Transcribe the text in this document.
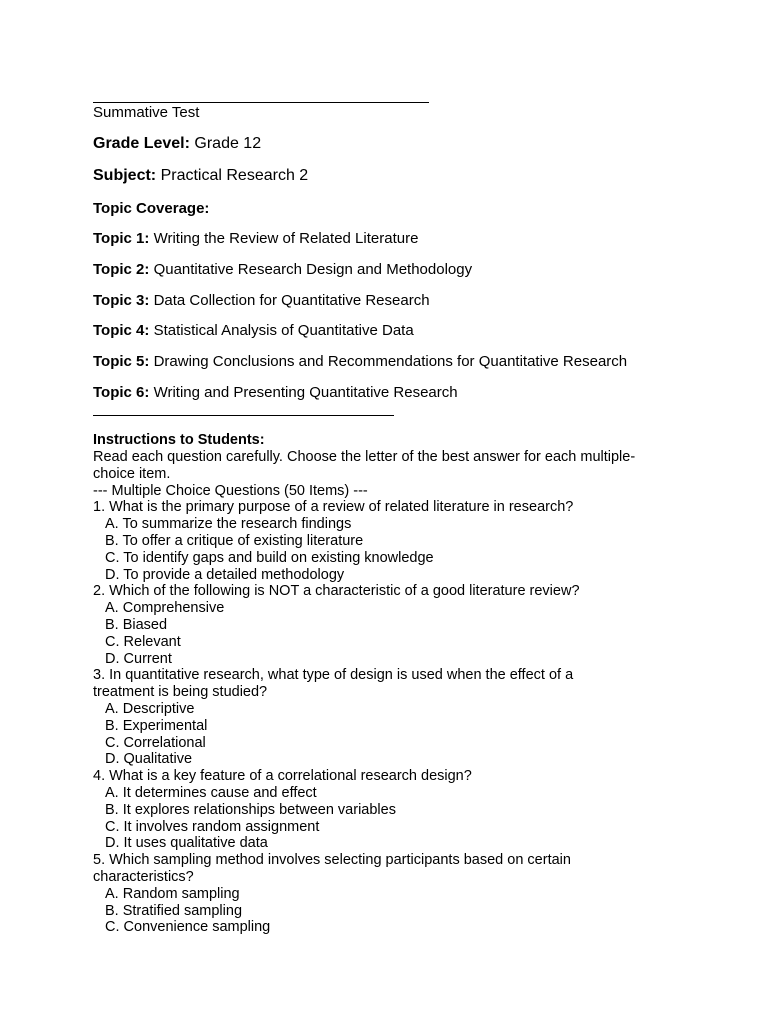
Summative Test
Grade Level: Grade 12
Subject: Practical Research 2
Topic Coverage:
Topic 1: Writing the Review of Related Literature
Topic 2: Quantitative Research Design and Methodology
Topic 3: Data Collection for Quantitative Research
Topic 4: Statistical Analysis of Quantitative Data
Topic 5: Drawing Conclusions and Recommendations for Quantitative Research
Topic 6: Writing and Presenting Quantitative Research
Instructions to Students:
Read each question carefully. Choose the letter of the best answer for each multiple-
choice item.
--- Multiple Choice Questions (50 Items) ---
1. What is the primary purpose of a review of related literature in research?
A. To summarize the research findings
B. To offer a critique of existing literature
C. To identify gaps and build on existing knowledge
D. To provide a detailed methodology
2. Which of the following is NOT a characteristic of a good literature review?
A. Comprehensive
B. Biased
C. Relevant
D. Current
3. In quantitative research, what type of design is used when the effect of a
treatment is being studied?
A. Descriptive
B. Experimental
C. Correlational
D. Qualitative
4. What is a key feature of a correlational research design?
A. It determines cause and effect
B. It explores relationships between variables
C. It involves random assignment
D. It uses qualitative data
5. Which sampling method involves selecting participants based on certain
characteristics?
A. Random sampling
B. Stratified sampling
C. Convenience sampling
